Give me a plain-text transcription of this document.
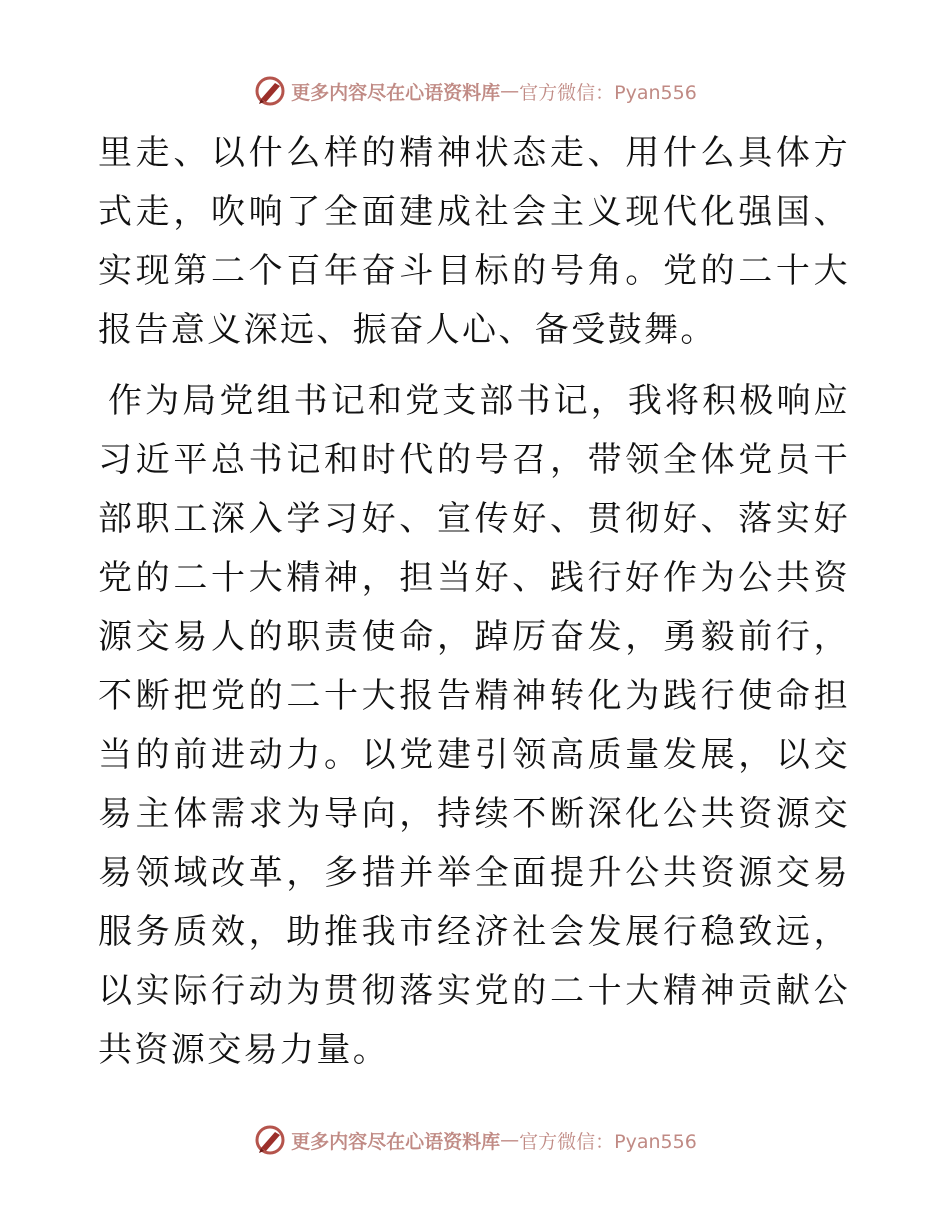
更多内容尽在心语资料库 — 官方微信：Pyan556

里走、以什么样的精神状态走、用什么具体方式走，吹响了全面建成社会主义现代化强国、实现第二个百年奋斗目标的号角。党的二十大报告意义深远、振奋人心、备受鼓舞。

作为局党组书记和党支部书记，我将积极响应习近平总书记和时代的号召，带领全体党员干部职工深入学习好、宣传好、贯彻好、落实好党的二十大精神，担当好、践行好作为公共资源交易人的职责使命，踔厉奋发，勇毅前行，不断把党的二十大报告精神转化为践行使命担当的前进动力。以党建引领高质量发展，以交易主体需求为导向，持续不断深化公共资源交易领域改革，多措并举全面提升公共资源交易服务质效，助推我市经济社会发展行稳致远，以实际行动为贯彻落实党的二十大精神贡献公共资源交易力量。

更多内容尽在心语资料库 — 官方微信：Pyan556
